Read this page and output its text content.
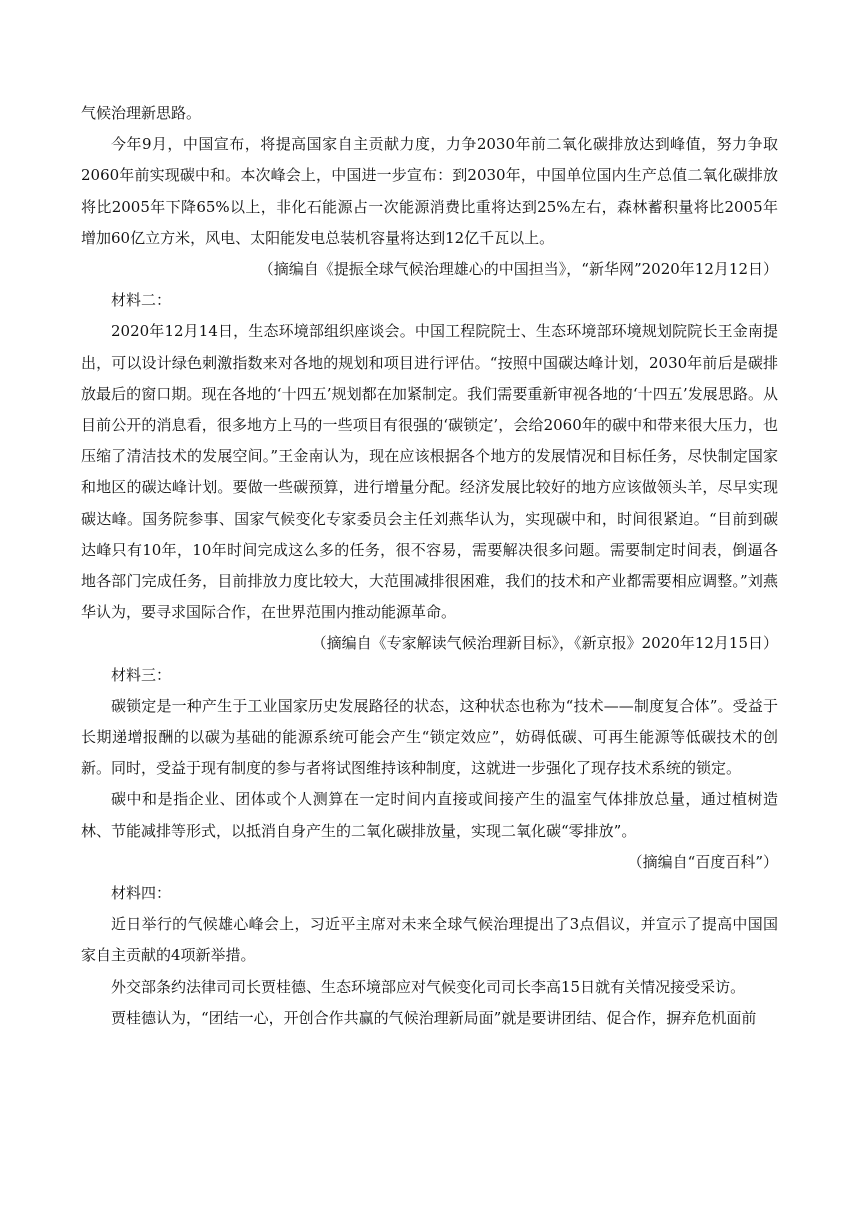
气候治理新思路。

今年9月，中国宣布，将提高国家自主贡献力度，力争2030年前二氧化碳排放达到峰值，努力争取2060年前实现碳中和。本次峰会上，中国进一步宣布：到2030年，中国单位国内生产总值二氧化碳排放将比2005年下降65%以上，非化石能源占一次能源消费比重将达到25%左右，森林蓄积量将比2005年增加60亿立方米，风电、太阳能发电总装机容量将达到12亿千瓦以上。

（摘编自《提振全球气候治理雄心的中国担当》，“新华网”2020年12月12日）

材料二：

2020年12月14日，生态环境部组织座谈会。中国工程院院士、生态环境部环境规划院院长王金南提出，可以设计绿色刺激指数来对各地的规划和项目进行评估。“按照中国碳达峰计划，2030年前后是碳排放最后的窗口期。现在各地的‘十四五’规划都在加紧制定。我们需要重新审视各地的‘十四五’发展思路。从目前公开的消息看，很多地方上马的一些项目有很强的‘碳锁定’，会给2060年的碳中和带来很大压力，也压缩了清洁技术的发展空间。”王金南认为，现在应该根据各个地方的发展情况和目标任务，尽快制定国家和地区的碳达峰计划。要做一些碳预算，进行增量分配。经济发展比较好的地方应该做领头羊，尽早实现碳达峰。国务院参事、国家气候变化专家委员会主任刘燕华认为，实现碳中和，时间很紧迫。“目前到碳达峰只有10年，10年时间完成这么多的任务，很不容易，需要解决很多问题。需要制定时间表，倒逼各地各部门完成任务，目前排放力度比较大，大范围减排很困难，我们的技术和产业都需要相应调整。”刘燕华认为，要寻求国际合作，在世界范围内推动能源革命。

（摘编自《专家解读气候治理新目标》，《新京报》2020年12月15日）

材料三：

碳锁定是一种产生于工业国家历史发展路径的状态，这种状态也称为“技术——制度复合体”。受益于长期递增报酬的以碳为基础的能源系统可能会产生“锁定效应”，妨碍低碳、可再生能源等低碳技术的创新。同时，受益于现有制度的参与者将试图维持该种制度，这就进一步强化了现存技术系统的锁定。

碳中和是指企业、团体或个人测算在一定时间内直接或间接产生的温室气体排放总量，通过植树造林、节能减排等形式，以抵消自身产生的二氧化碳排放量，实现二氧化碳“零排放”。

（摘编自“百度百科”）

材料四：

近日举行的气候雄心峰会上，习近平主席对未来全球气候治理提出了3点倡议，并宣示了提高中国国家自主贡献的4项新举措。

外交部条约法律司司长贾桂德、生态环境部应对气候变化司司长李高15日就有关情况接受采访。

贾桂德认为，“团结一心，开创合作共赢的气候治理新局面”就是要讲团结、促合作，摒弃危机面前
